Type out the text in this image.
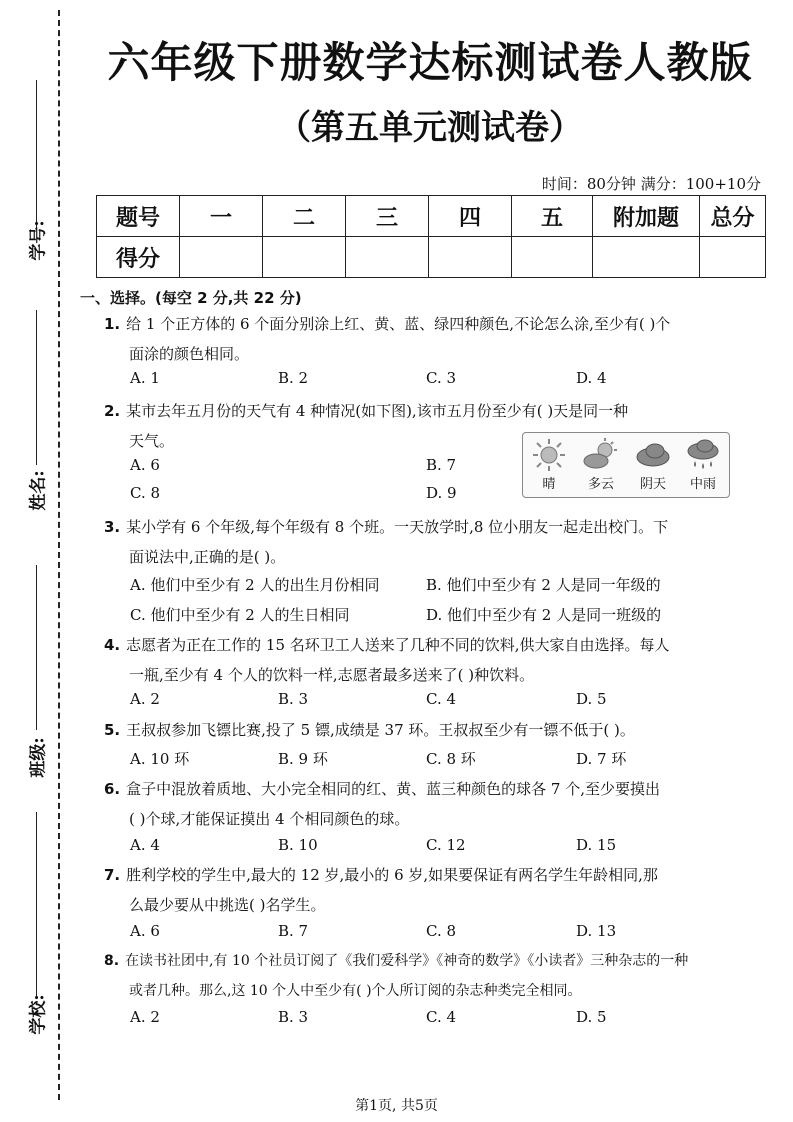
学号:
姓名:
班级:
学校:
六年级下册数学达标测试卷人教版
（第五单元测试卷）
时间：80分钟 满分：100+10分
题号	一	二	三	四	五	附加题	总分
得分							
一、选择。(每空 2 分,共 22 分)
1. 给 1 个正方体的 6 个面分别涂上红、黄、蓝、绿四种颜色,不论怎么涂,至少有( )个
面涂的颜色相同。
A. 1	B. 2	C. 3	D. 4
2. 某市去年五月份的天气有 4 种情况(如下图),该市五月份至少有( )天是同一种
天气。
A. 6	B. 7
C. 8	D. 9	晴	多云	阴天	中雨
3. 某小学有 6 个年级,每个年级有 8 个班。一天放学时,8 位小朋友一起走出校门。下
面说法中,正确的是( )。
A. 他们中至少有 2 人的出生月份相同	B. 他们中至少有 2 人是同一年级的
C. 他们中至少有 2 人的生日相同	D. 他们中至少有 2 人是同一班级的
4. 志愿者为正在工作的 15 名环卫工人送来了几种不同的饮料,供大家自由选择。每人
一瓶,至少有 4 个人的饮料一样,志愿者最多送来了( )种饮料。
A. 2	B. 3	C. 4	D. 5
5. 王叔叔参加飞镖比赛,投了 5 镖,成绩是 37 环。王叔叔至少有一镖不低于( )。
A. 10 环	B. 9 环	C. 8 环	D. 7 环
6. 盒子中混放着质地、大小完全相同的红、黄、蓝三种颜色的球各 7 个,至少要摸出
( )个球,才能保证摸出 4 个相同颜色的球。
A. 4	B. 10	C. 12	D. 15
7. 胜利学校的学生中,最大的 12 岁,最小的 6 岁,如果要保证有两名学生年龄相同,那
么最少要从中挑选( )名学生。
A. 6	B. 7	C. 8	D. 13
8. 在读书社团中,有 10 个社员订阅了《我们爱科学》《神奇的数学》《小读者》三种杂志的一种
或者几种。那么,这 10 个人中至少有( )个人所订阅的杂志种类完全相同。
A. 2	B. 3	C. 4	D. 5
第1页, 共5页
